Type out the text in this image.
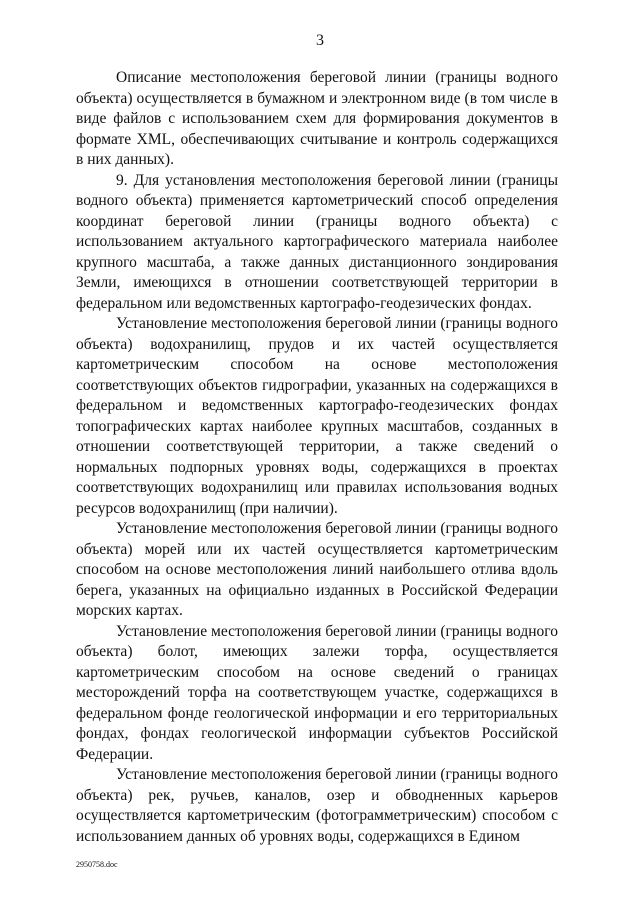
3

Описание местоположения береговой линии (границы водного объекта) осуществляется в бумажном и электронном виде (в том числе в виде файлов с использованием схем для формирования документов в формате XML, обеспечивающих считывание и контроль содержащихся в них данных).

9. Для установления местоположения береговой линии (границы водного объекта) применяется картометрический способ определения координат береговой линии (границы водного объекта) с использованием актуального картографического материала наиболее крупного масштаба, а также данных дистанционного зондирования Земли, имеющихся в отношении соответствующей территории в федеральном или ведомственных картографо-геодезических фондах.

Установление местоположения береговой линии (границы водного объекта) водохранилищ, прудов и их частей осуществляется картометрическим способом на основе местоположения соответствующих объектов гидрографии, указанных на содержащихся в федеральном и ведомственных картографо-геодезических фондах топографических картах наиболее крупных масштабов, созданных в отношении соответствующей территории, а также сведений о нормальных подпорных уровнях воды, содержащихся в проектах соответствующих водохранилищ или правилах использования водных ресурсов водохранилищ (при наличии).

Установление местоположения береговой линии (границы водного объекта) морей или их частей осуществляется картометрическим способом на основе местоположения линий наибольшего отлива вдоль берега, указанных на официально изданных в Российской Федерации морских картах.

Установление местоположения береговой линии (границы водного объекта) болот, имеющих залежи торфа, осуществляется картометрическим способом на основе сведений о границах месторождений торфа на соответствующем участке, содержащихся в федеральном фонде геологической информации и его территориальных фондах, фондах геологической информации субъектов Российской Федерации.

Установление местоположения береговой линии (границы водного объекта) рек, ручьев, каналов, озер и обводненных карьеров осуществляется картометрическим (фотограмметрическим) способом с использованием данных об уровнях воды, содержащихся в Едином

2950758.doc
